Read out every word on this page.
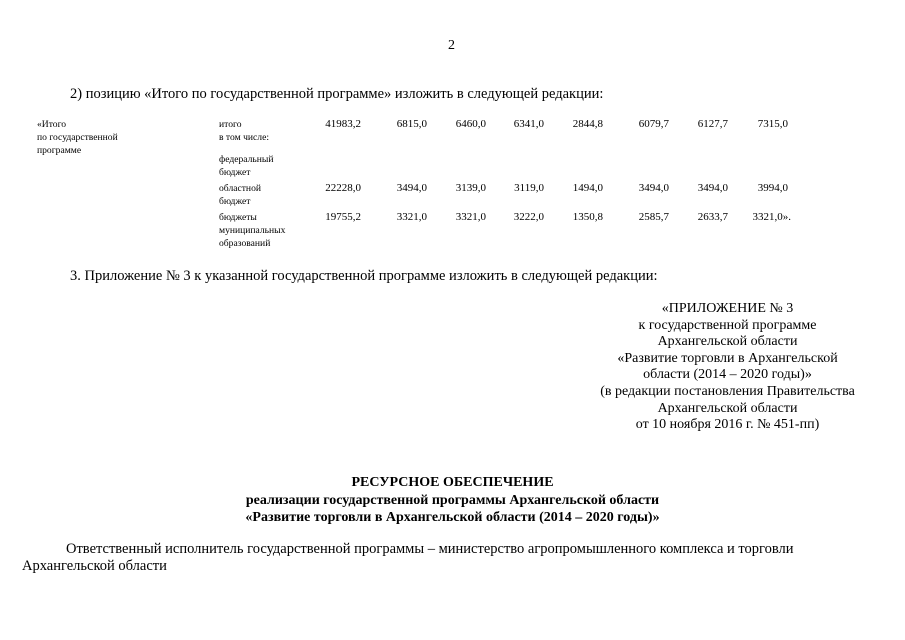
2
2) позицию «Итого по государственной программе» изложить в следующей редакции:
«Итого
по государственной
программе
итого
в том числе:
41983,2	6815,0	6460,0	6341,0	2844,8	6079,7	6127,7	7315,0
федеральный
бюджет
областной
бюджет
22228,0	3494,0	3139,0	3119,0	1494,0	3494,0	3494,0	3994,0
бюджеты
муниципальных
образований
19755,2	3321,0	3321,0	3222,0	1350,8	2585,7	2633,7	3321,0».
3. Приложение № 3 к указанной государственной программе изложить в следующей редакции:
«ПРИЛОЖЕНИЕ № 3
к государственной программе
Архангельской области
«Развитие торговли в Архангельской
области (2014 – 2020 годы)»
(в редакции постановления Правительства
Архангельской области
от 10 ноября 2016 г. № 451-пп)
РЕСУРСНОЕ ОБЕСПЕЧЕНИЕ
реализации государственной программы Архангельской области
«Развитие торговли в Архангельской области (2014 – 2020 годы)»
Ответственный исполнитель государственной программы – министерство агропромышленного комплекса и торговли
Архангельской области
